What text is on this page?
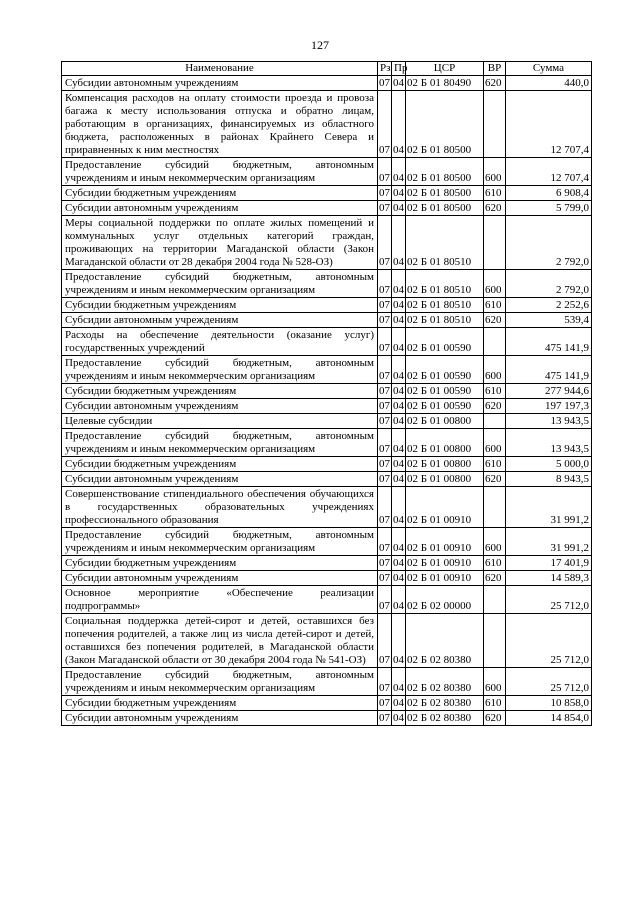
127
Наименование	Рз	Пр	ЦСР	ВР	Сумма
Субсидии автономным учреждениям	07	04	02 Б 01 80490	620	440,0
Компенсация расходов на оплату стоимости проезда и провоза багажа к месту использования отпуска и обратно лицам, работающим в организациях, финансируемых из областного бюджета, расположенных в районах Крайнего Севера и приравненных к ним местностях	07	04	02 Б 01 80500		12 707,4
Предоставление субсидий бюджетным, автономным учреждениям и иным некоммерческим организациям	07	04	02 Б 01 80500	600	12 707,4
Субсидии бюджетным учреждениям	07	04	02 Б 01 80500	610	6 908,4
Субсидии автономным учреждениям	07	04	02 Б 01 80500	620	5 799,0
Меры социальной поддержки по оплате жилых помещений и коммунальных услуг отдельных категорий граждан, проживающих на территории Магаданской области (Закон Магаданской области от 28 декабря 2004 года № 528-ОЗ)	07	04	02 Б 01 80510		2 792,0
Предоставление субсидий бюджетным, автономным учреждениям и иным некоммерческим организациям	07	04	02 Б 01 80510	600	2 792,0
Субсидии бюджетным учреждениям	07	04	02 Б 01 80510	610	2 252,6
Субсидии автономным учреждениям	07	04	02 Б 01 80510	620	539,4
Расходы на обеспечение деятельности (оказание услуг) государственных учреждений	07	04	02 Б 01 00590		475 141,9
Предоставление субсидий бюджетным, автономным учреждениям и иным некоммерческим организациям	07	04	02 Б 01 00590	600	475 141,9
Субсидии бюджетным учреждениям	07	04	02 Б 01 00590	610	277 944,6
Субсидии автономным учреждениям	07	04	02 Б 01 00590	620	197 197,3
Целевые субсидии	07	04	02 Б 01 00800		13 943,5
Предоставление субсидий бюджетным, автономным учреждениям и иным некоммерческим организациям	07	04	02 Б 01 00800	600	13 943,5
Субсидии бюджетным учреждениям	07	04	02 Б 01 00800	610	5 000,0
Субсидии автономным учреждениям	07	04	02 Б 01 00800	620	8 943,5
Совершенствование стипендиального обеспечения обучающихся в государственных образовательных учреждениях профессионального образования	07	04	02 Б 01 00910		31 991,2
Предоставление субсидий бюджетным, автономным учреждениям и иным некоммерческим организациям	07	04	02 Б 01 00910	600	31 991,2
Субсидии бюджетным учреждениям	07	04	02 Б 01 00910	610	17 401,9
Субсидии автономным учреждениям	07	04	02 Б 01 00910	620	14 589,3
Основное мероприятие «Обеспечение реализации подпрограммы»	07	04	02 Б 02 00000		25 712,0
Социальная поддержка детей-сирот и детей, оставшихся без попечения родителей, а также лиц из числа детей-сирот и детей, оставшихся без попечения родителей, в Магаданской области (Закон Магаданской области от 30 декабря 2004 года № 541-ОЗ)	07	04	02 Б 02 80380		25 712,0
Предоставление субсидий бюджетным, автономным учреждениям и иным некоммерческим организациям	07	04	02 Б 02 80380	600	25 712,0
Субсидии бюджетным учреждениям	07	04	02 Б 02 80380	610	10 858,0
Субсидии автономным учреждениям	07	04	02 Б 02 80380	620	14 854,0
